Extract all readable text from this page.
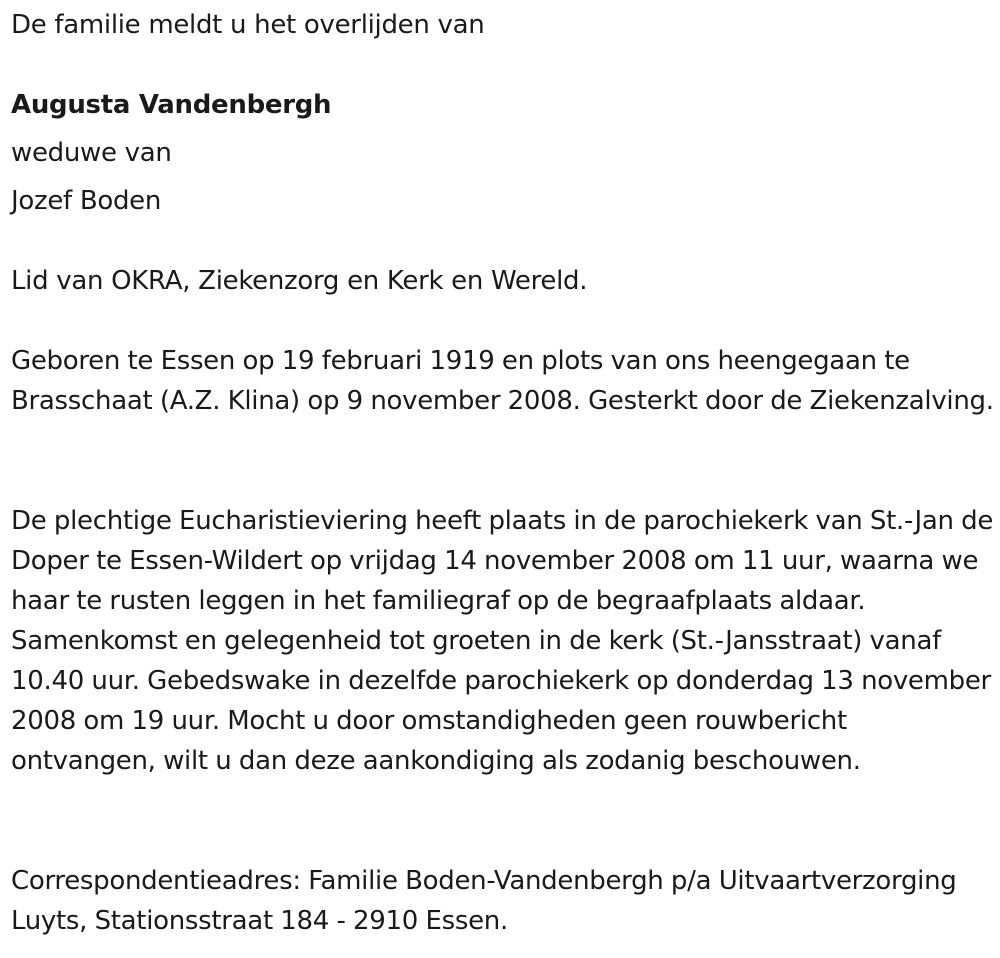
De familie meldt u het overlijden van

Augusta Vandenbergh

weduwe van

Jozef Boden

Lid van OKRA, Ziekenzorg en Kerk en Wereld.

Geboren te Essen op 19 februari 1919 en plots van ons heengegaan te Brasschaat (A.Z. Klina) op 9 november 2008. Gesterkt door de Ziekenzalving.

De plechtige Eucharistieviering heeft plaats in de parochiekerk van St.-Jan de Doper te Essen-Wildert op vrijdag 14 november 2008 om 11 uur, waarna we haar te rusten leggen in het familiegraf op de begraafplaats aldaar. Samenkomst en gelegenheid tot groeten in de kerk (St.-Jansstraat) vanaf 10.40 uur. Gebedswake in dezelfde parochiekerk op donderdag 13 november 2008 om 19 uur. Mocht u door omstandigheden geen rouwbericht ontvangen, wilt u dan deze aankondiging als zodanig beschouwen.

Correspondentieadres: Familie Boden-Vandenbergh p/a Uitvaartverzorging Luyts, Stationsstraat 184 - 2910 Essen.
